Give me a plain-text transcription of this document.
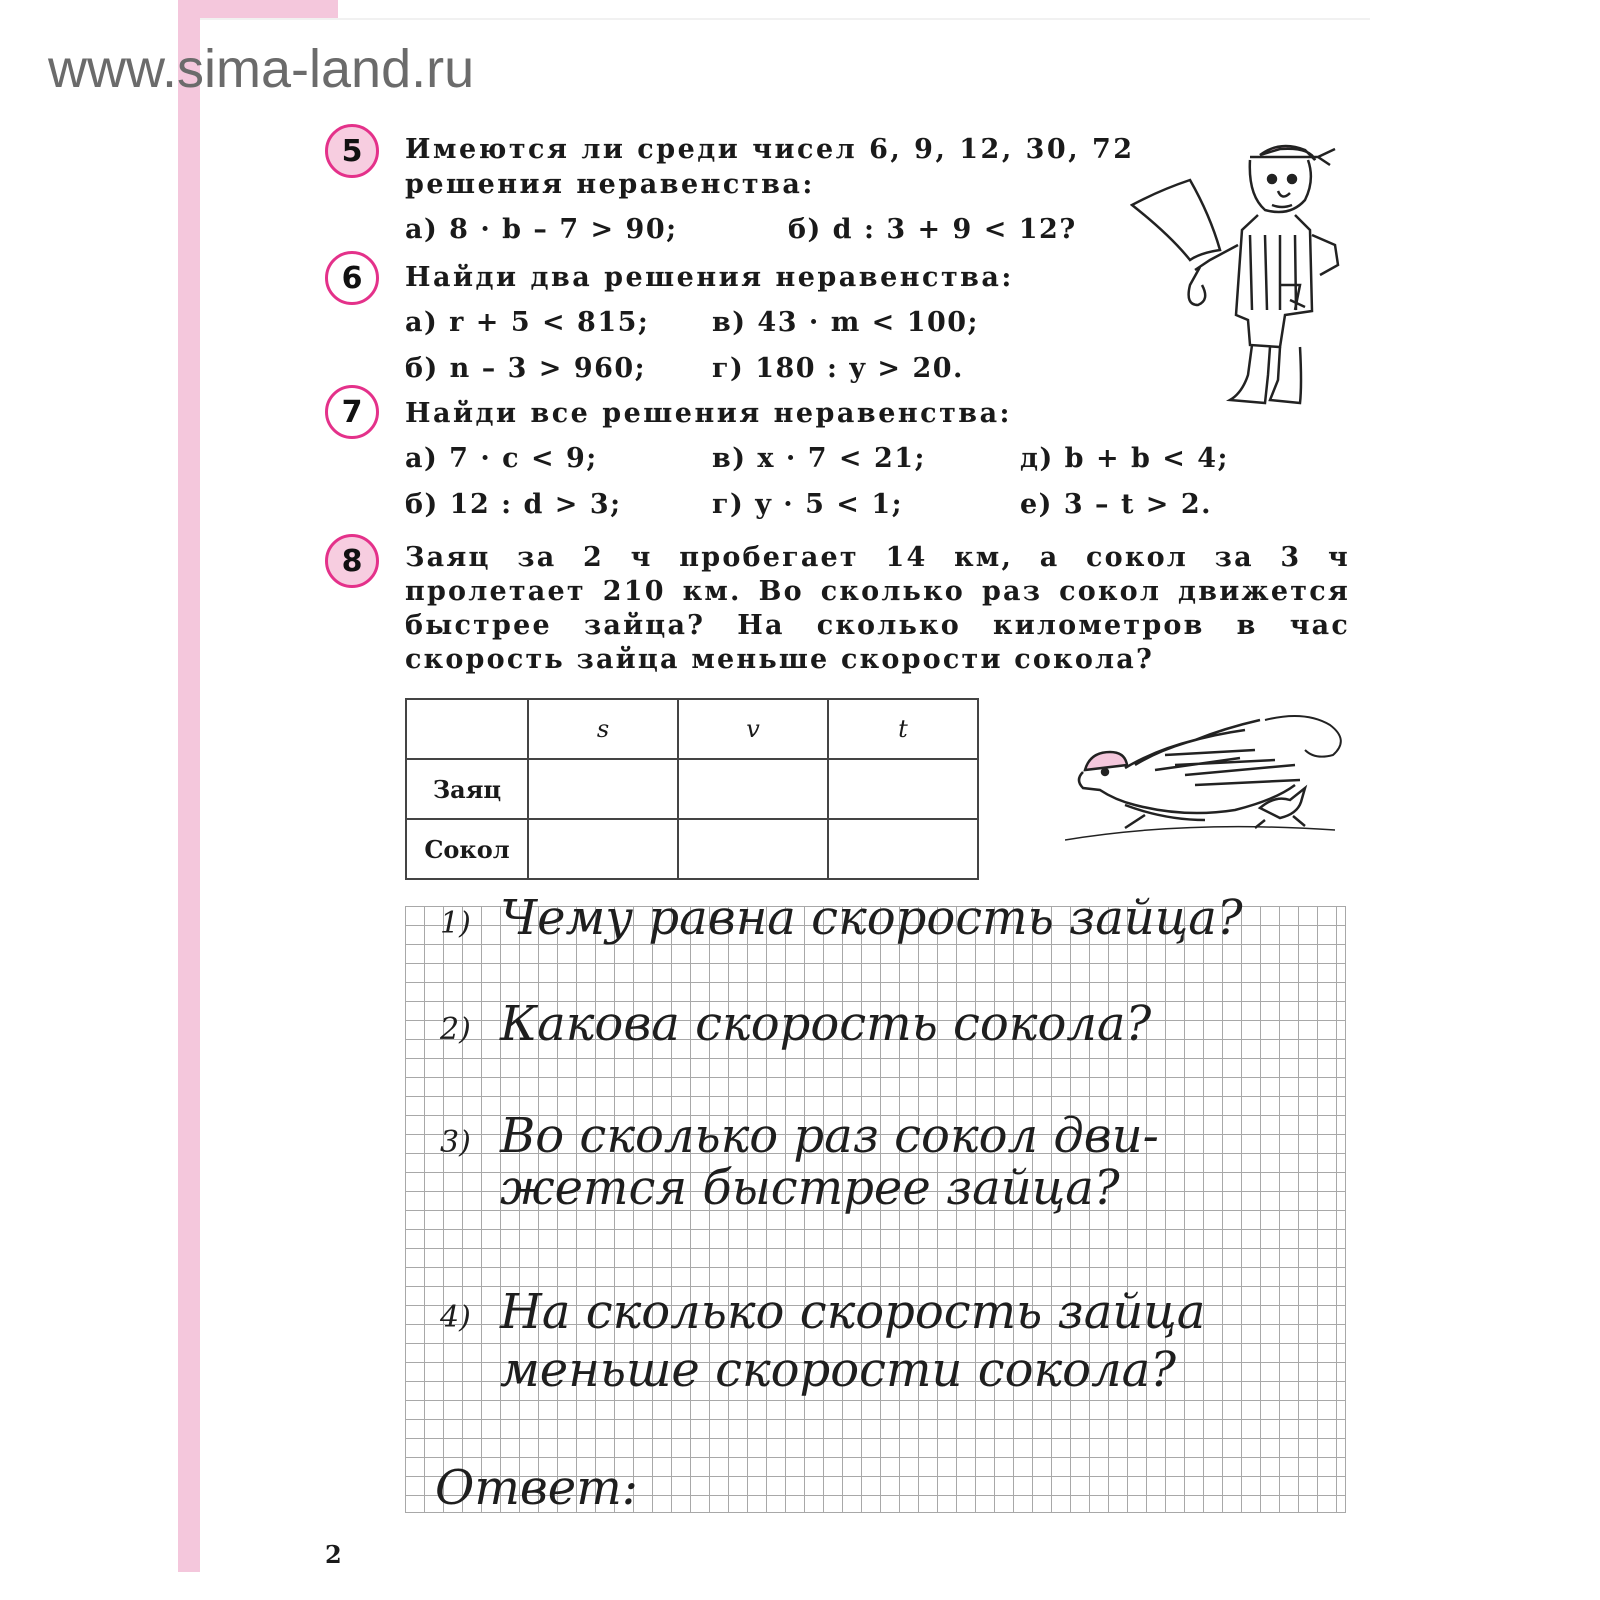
www.sima-land.ru
5	Имеются ли среди чисел 6, 9, 12, 30, 72
решения неравенства:
а) 8 · b – 7 > 90;	б) d : 3 + 9 < 12?
6	Найди два решения неравенства:
а) r + 5 < 815; в) 43 · m < 100;
б) n – 3 > 960; г) 180 : y > 20.
7	Найди все решения неравенства:
а) 7 · c < 9;	в) x · 7 < 21;	д) b + b < 4;
б) 12 : d > 3;	г) y · 5 < 1;	е) 3 – t > 2.
8	Заяц за 2 ч пробегает 14 км, а сокол за 3 ч пролетает 210 км. Во сколько раз сокол движется быстрее зайца? На сколько километров в час скорость зайца меньше скорости сокола?
	s	v	t
Заяц			
Сокол			
1) Чему равна скорость зайца?
2) Какова скорость сокола?
3) Во сколько раз сокол дви-
жется быстрее зайца?
4) На сколько скорость зайца
меньше скорости сокола?
Ответ:
2
